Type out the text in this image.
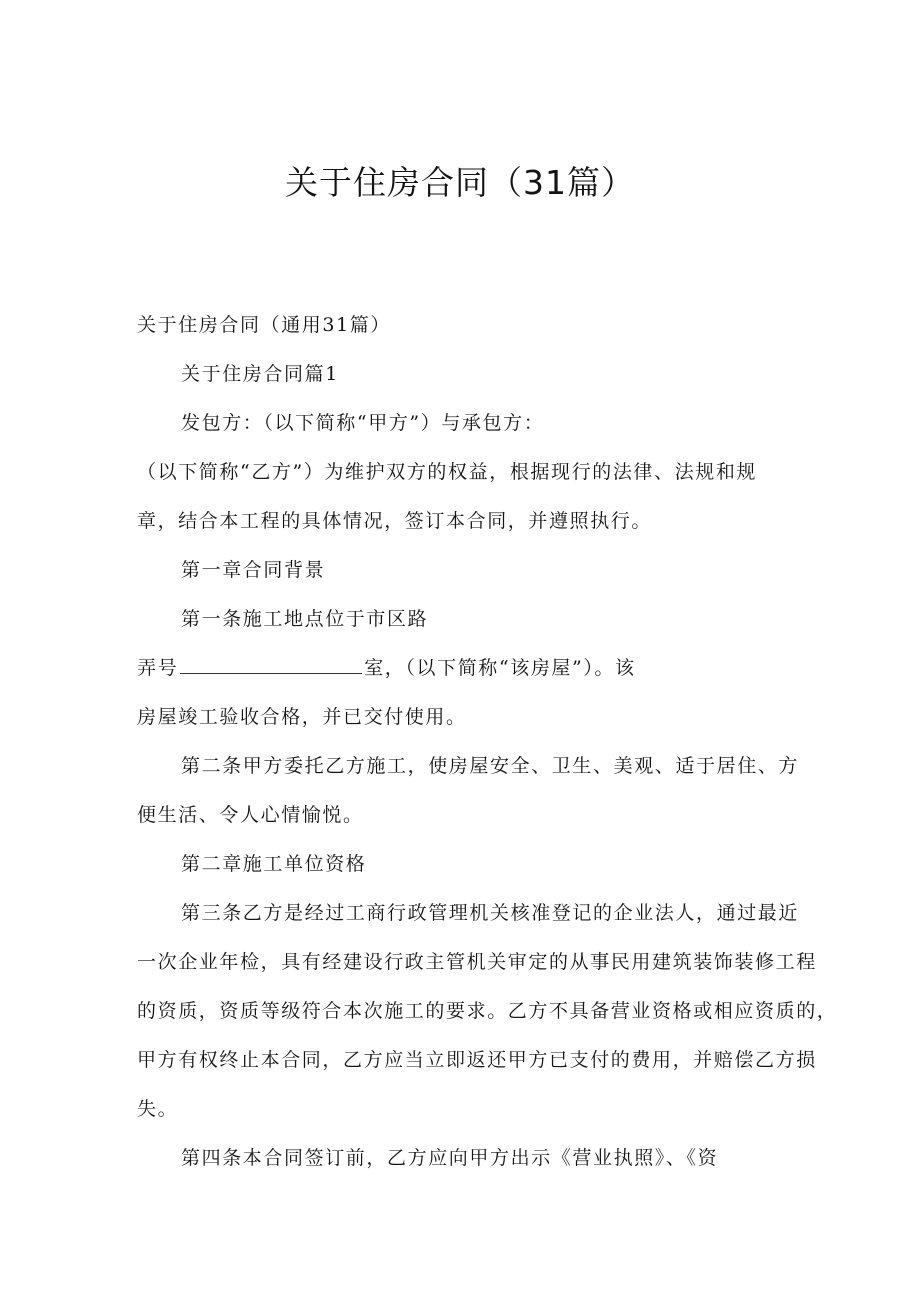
关于住房合同（31篇）
关于住房合同（通用31篇）
关于住房合同篇1
发包方：（以下简称“甲方”）与承包方：
（以下简称“乙方”）为维护双方的权益，根据现行的法律、法规和规
章，结合本工程的具体情况，签订本合同，并遵照执行。
第一章合同背景
第一条施工地点位于市区路
弄号	室，（以下简称“该房屋”）。该
房屋竣工验收合格，并已交付使用。
第二条甲方委托乙方施工，使房屋安全、卫生、美观、适于居住、方
便生活、令人心情愉悦。
第二章施工单位资格
第三条乙方是经过工商行政管理机关核准登记的企业法人，通过最近
一次企业年检，具有经建设行政主管机关审定的从事民用建筑装饰装修工程
的资质，资质等级符合本次施工的要求。乙方不具备营业资格或相应资质的，
甲方有权终止本合同，乙方应当立即返还甲方已支付的费用，并赔偿乙方损
失。
第四条本合同签订前，乙方应向甲方出示《营业执照》、《资
